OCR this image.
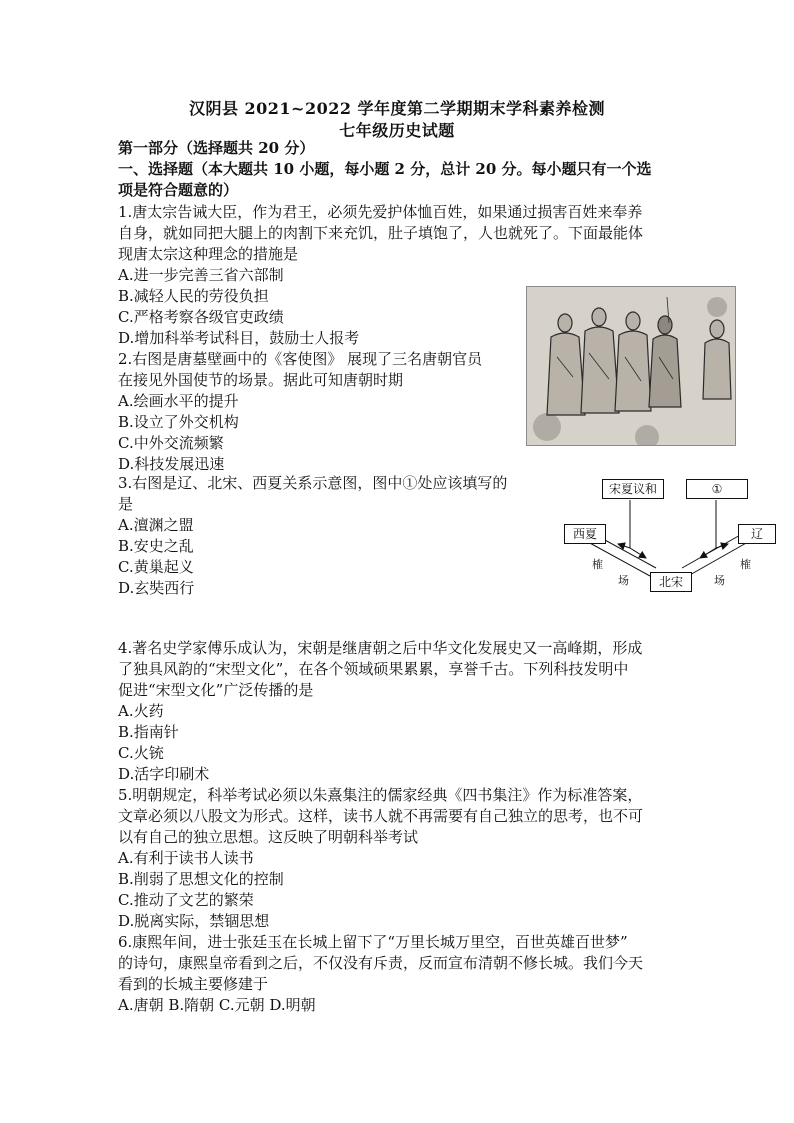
汉阴县 2021~2022 学年度第二学期期末学科素养检测
七年级历史试题
第一部分（选择题共 20 分）
一、选择题（本大题共 10 小题，每小题 2 分，总计 20 分。每小题只有一个选
项是符合题意的）
1.唐太宗告诫大臣，作为君王，必须先爱护体恤百姓，如果通过损害百姓来奉养
自身，就如同把大腿上的肉割下来充饥，肚子填饱了，人也就死了。下面最能体
现唐太宗这种理念的措施是
A.进一步完善三省六部制
B.减轻人民的劳役负担
C.严格考察各级官吏政绩
D.增加科举考试科目，鼓励士人报考
2.右图是唐墓壁画中的《客使图》 展现了三名唐朝官员
在接见外国使节的场景。据此可知唐朝时期
A.绘画水平的提升
B.设立了外交机构
C.中外交流频繁
D.科技发展迅速
3.右图是辽、北宋、西夏关系示意图，图中①处应该填写的
是
A.澶渊之盟
B.安史之乱
C.黄巢起义
D.玄奘西行
宋夏议和	①
西夏	辽
北宋
榷
场
榷
场
4.著名史学家傅乐成认为，宋朝是继唐朝之后中华文化发展史又一高峰期，形成
了独具风韵的“宋型文化”，在各个领域硕果累累，享誉千古。下列科技发明中
促进“宋型文化”广泛传播的是
A.火药
B.指南针
C.火铳
D.活字印刷术
5.明朝规定，科举考试必须以朱熹集注的儒家经典《四书集注》作为标准答案，
文章必须以八股文为形式。这样，读书人就不再需要有自己独立的思考，也不可
以有自己的独立思想。这反映了明朝科举考试
A.有利于读书人读书
B.削弱了思想文化的控制
C.推动了文艺的繁荣
D.脱离实际，禁锢思想
6.康熙年间，进士张廷玉在长城上留下了“万里长城万里空，百世英雄百世梦”
的诗句，康熙皇帝看到之后，不仅没有斥责，反而宣布清朝不修长城。我们今天
看到的长城主要修建于
A.唐朝 B.隋朝 C.元朝 D.明朝
